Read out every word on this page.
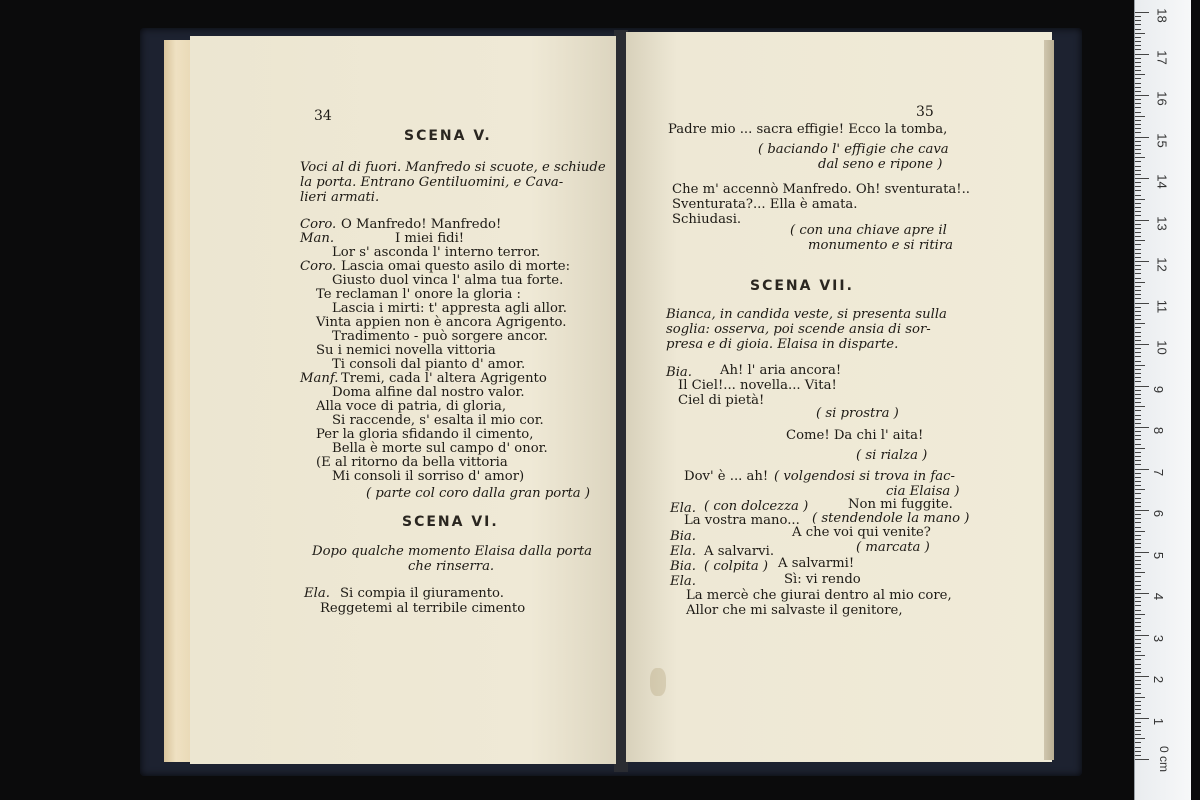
34
SCENA V.
Voci al di fuori. Manfredo si scuote, e schiude
la porta. Entrano Gentiluomini, e Cava-
lieri armati.
Coro. O Manfredo! Manfredo!
Man.	I miei fidi!
Lor s' asconda l' interno terror.
Coro. Lascia omai questo asilo di morte:
Giusto duol vinca l' alma tua forte.
Te reclaman l' onore la gloria :
Lascia i mirti: t' appresta agli allor.
Vinta appien non è ancora Agrigento.
Tradimento - può sorgere ancor.
Su i nemici novella vittoria
Ti consoli dal pianto d' amor.
Manf. Tremi, cada l' altera Agrigento
Doma alfine dal nostro valor.
Alla voce di patria, di gloria,
Si raccende, s' esalta il mio cor.
Per la gloria sfidando il cimento,
Bella è morte sul campo d' onor.
(E al ritorno da bella vittoria
Mi consoli il sorriso d' amor)
( parte col coro dalla gran porta )
SCENA VI.
Dopo qualche momento Elaisa dalla porta
che rinserra.
Ela. Si compia il giuramento.
Reggetemi al terribile cimento
35
Padre mio ... sacra effigie! Ecco la tomba,
( baciando l' effigie che cava
dal seno e ripone )
Che m' accennò Manfredo. Oh! sventurata!..
Sventurata?... Ella è amata.
Schiudasi.
( con una chiave apre il
monumento e si ritira
SCENA VII.
Bianca, in candida veste, si presenta sulla
soglia: osserva, poi scende ansia di sor-
presa e di gioia. Elaisa in disparte.
Bia. Ah! l' aria ancora!
Il Ciel!... novella... Vita!
Ciel di pietà!
( si prostra )
Come! Da chi l' aita!
( si rialza )
Dov' è ... ah! ( volgendosi si trova in fac-
cia Elaisa )
Ela. ( con dolcezza )	Non mi fuggite.
La vostra mano... ( stendendole la mano )
Bia.	A che voi qui venite?
Ela. A salvarvi.	( marcata )
Bia. ( colpita ) A salvarmi!
Ela.	Sì: vi rendo
La mercè che giurai dentro al mio core,
Allor che mi salvaste il genitore,
18
17
16
15
14
13
12
11
10
9
8
7
6
5
4
3
2
1
0 cm
